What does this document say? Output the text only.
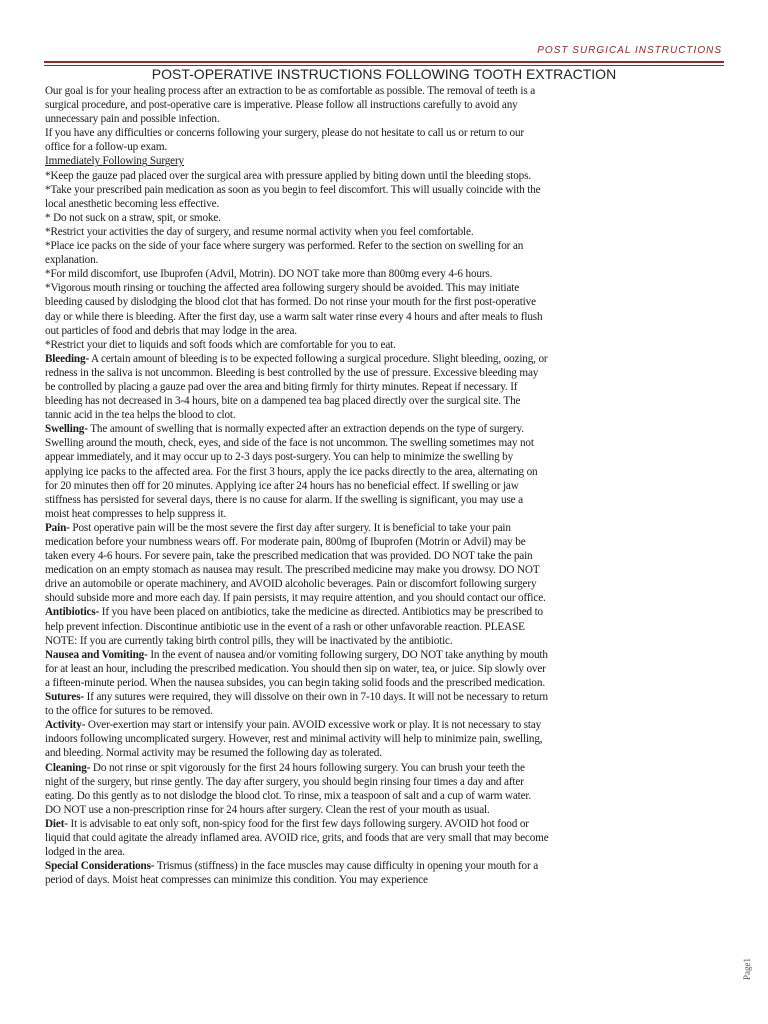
POST SURGICAL INSTRUCTIONS
POST-OPERATIVE INSTRUCTIONS FOLLOWING TOOTH EXTRACTION

Our goal is for your healing process after an extraction to be as comfortable as possible. The removal of teeth is a surgical procedure, and post-operative care is imperative. Please follow all instructions carefully to avoid any unnecessary pain and possible infection.

If you have any difficulties or concerns following your surgery, please do not hesitate to call us or return to our office for a follow-up exam.

Immediately Following Surgery

*Keep the gauze pad placed over the surgical area with pressure applied by biting down until the bleeding stops.

*Take your prescribed pain medication as soon as you begin to feel discomfort. This will usually coincide with the local anesthetic becoming less effective.

* Do not suck on a straw, spit, or smoke.

*Restrict your activities the day of surgery, and resume normal activity when you feel comfortable.

*Place ice packs on the side of your face where surgery was performed. Refer to the section on swelling for an explanation.

*For mild discomfort, use Ibuprofen (Advil, Motrin). DO NOT take more than 800mg every 4-6 hours.

*Vigorous mouth rinsing or touching the affected area following surgery should be avoided. This may initiate bleeding caused by dislodging the blood clot that has formed. Do not rinse your mouth for the first post-operative day or while there is bleeding. After the first day, use a warm salt water rinse every 4 hours and after meals to flush out particles of food and debris that may lodge in the area.

*Restrict your diet to liquids and soft foods which are comfortable for you to eat.

Bleeding- A certain amount of bleeding is to be expected following a surgical procedure. Slight bleeding, oozing, or redness in the saliva is not uncommon. Bleeding is best controlled by the use of pressure. Excessive bleeding may be controlled by placing a gauze pad over the area and biting firmly for thirty minutes. Repeat if necessary. If bleeding has not decreased in 3-4 hours, bite on a dampened tea bag placed directly over the surgical site. The tannic acid in the tea helps the blood to clot.

Swelling- The amount of swelling that is normally expected after an extraction depends on the type of surgery. Swelling around the mouth, check, eyes, and side of the face is not uncommon. The swelling sometimes may not appear immediately, and it may occur up to 2-3 days post-surgery. You can help to minimize the swelling by applying ice packs to the affected area. For the first 3 hours, apply the ice packs directly to the area, alternating on for 20 minutes then off for 20 minutes. Applying ice after 24 hours has no beneficial effect. If swelling or jaw stiffness has persisted for several days, there is no cause for alarm. If the swelling is significant, you may use a moist heat compresses to help suppress it.

Pain- Post operative pain will be the most severe the first day after surgery. It is beneficial to take your pain medication before your numbness wears off. For moderate pain, 800mg of Ibuprofen (Motrin or Advil) may be taken every 4-6 hours. For severe pain, take the prescribed medication that was provided. DO NOT take the pain medication on an empty stomach as nausea may result. The prescribed medicine may make you drowsy. DO NOT drive an automobile or operate machinery, and AVOID alcoholic beverages. Pain or discomfort following surgery should subside more and more each day. If pain persists, it may require attention, and you should contact our office.

Antibiotics- If you have been placed on antibiotics, take the medicine as directed. Antibiotics may be prescribed to help prevent infection. Discontinue antibiotic use in the event of a rash or other unfavorable reaction. PLEASE NOTE: If you are currently taking birth control pills, they will be inactivated by the antibiotic.

Nausea and Vomiting- In the event of nausea and/or vomiting following surgery, DO NOT take anything by mouth for at least an hour, including the prescribed medication. You should then sip on water, tea, or juice. Sip slowly over a fifteen-minute period. When the nausea subsides, you can begin taking solid foods and the prescribed medication.

Sutures- If any sutures were required, they will dissolve on their own in 7-10 days. It will not be necessary to return to the office for sutures to be removed.

Activity- Over-exertion may start or intensify your pain. AVOID excessive work or play. It is not necessary to stay indoors following uncomplicated surgery. However, rest and minimal activity will help to minimize pain, swelling, and bleeding. Normal activity may be resumed the following day as tolerated.

Cleaning- Do not rinse or spit vigorously for the first 24 hours following surgery. You can brush your teeth the night of the surgery, but rinse gently. The day after surgery, you should begin rinsing four times a day and after eating. Do this gently as to not dislodge the blood clot. To rinse, mix a teaspoon of salt and a cup of warm water. DO NOT use a non-prescription rinse for 24 hours after surgery. Clean the rest of your mouth as usual.

Diet- It is advisable to eat only soft, non-spicy food for the first few days following surgery. AVOID hot food or liquid that could agitate the already inflamed area. AVOID rice, grits, and foods that are very small that may become lodged in the area.

Special Considerations- Trismus (stiffness) in the face muscles may cause difficulty in opening your mouth for a period of days. Moist heat compresses can minimize this condition. You may experience

Page1
